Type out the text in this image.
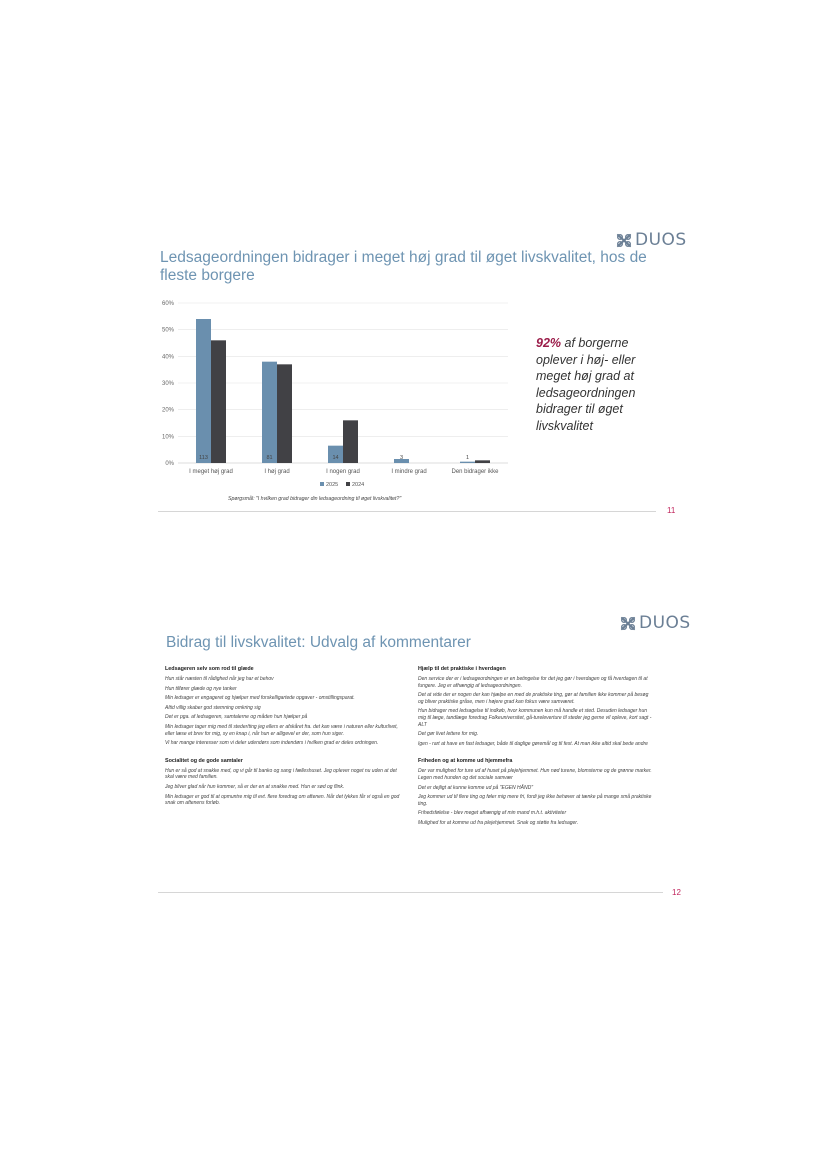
DUOS
Ledsageordningen bidrager i meget høj grad til øget livskvalitet, hos de fleste borgere
0%
10%
20%
30%
40%
50%
60%
113
I meget høj grad
81
I høj grad
14
I nogen grad
3
I mindre grad
1
Den bidrager ikke
2025	2024
92% af borgerne oplever i høj- eller meget høj grad at ledsageordningen bidrager til øget livskvalitet
Spørgsmål: "I hvilken grad bidrager din ledsageordning til øget livskvalitet?"
11
DUOS
Bidrag til livskvalitet: Udvalg af kommentarer
Ledsageren selv som rod til glæde

Hun står næsten til rådighed når jeg har et behov

Hun tilfører glæde og nye tanker

Min ledsager er engageret og hjælper med forskelligartede opgaver - omstillingsparat.

Altid villig skaber god stemning omkring sig

Det er pga. af ledsageren, samtalerne og måden hun hjælper på

Min ledsager tager mig med til steder/ting jeg ellers er afskåret fra. det kan være i naturen eller kulturlivet, eller læse et brev for mig, sy en knap i, når hun er alligevel er der, som hun siger.

Vi har mange interesser som vi deler udendørs som indendørs i hvilken grad er deles ordningen.

Socialitet og de gode samtaler

Hun er så god at snakke med, og vi går til banko og sang i fælleshuset. Jeg oplever noget nu uden at det skal være med familien.

Jeg bliver glad når hun kommer, så er der en at snakke med. Hun er sød og flink.

Min ledsager er god til at opmuntre mig til evt. flere foredrag om aftenen. Når det lykkes får vi også en god snak om aftenens forløb.

Hjælp til det praktiske i hverdagen

Den service der er i ledsageordningen er en betingelse for det jeg gør i hverdagen og få hverdagen til at fungere. Jeg er afhængig af ledsageordningen.

Det at vide der er nogen der kan hjælpe en med de praktiske ting, gør at familien ikke kommer på besøg og bliver praktiske gråse, men i højere grad kan fokus være samværet.

Hun bidrager med ledsagelse til indkøb, hvor kommunen kun må handle et sted. Desuden ledsager hun mig til læge, tandlæge foredrag Folkeuniversitet, gå-tureleverture til steder jeg gerne vil opleve, kort sagt - ALT

Det gør livet lettere for mig.

Igen - rart at have en fast ledsager, både til daglige gøremål og til fest. At man ikke altid skal bede andre

Friheden og at komme ud hjemmefra

Der var mulighed for ture ud af huset på plejehjemmet. Hun nød turene, blomsterne og de grønne marker. Legen med hunden og det sociale samvær

Det er dejligt at kunne komme ud på "EGEN HÅND"

Jeg kommer ud til flere ting og føler mig mere fri, fordi jeg ikke behøver at tænke på mange små praktiske ting.

Frihedsfølelse - blev meget afhængig af min mand m.h.t. aktiviteter

Mulighed for at komme ud fra plejehjemmet. Snak og støtte fra ledsager.

12
